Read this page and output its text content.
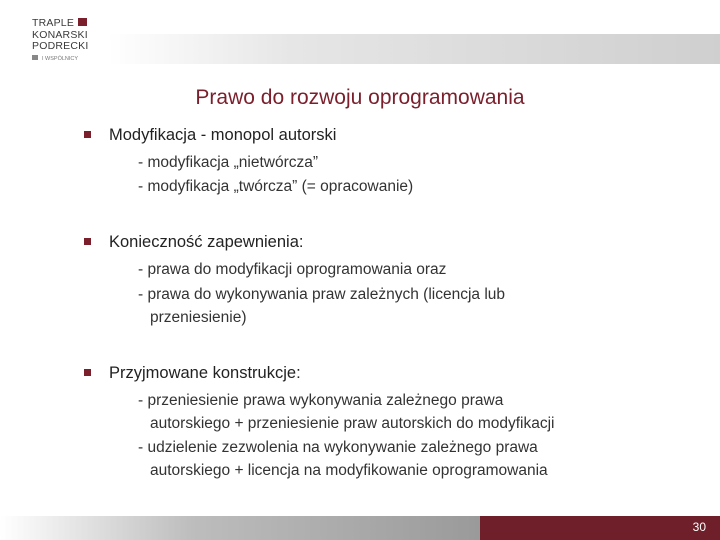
TRAPLE
KONARSKI
PODRECKI
I WSPÓLNICY
Prawo do rozwoju oprogramowania
Modyfikacja - monopol autorski
- modyfikacja „nietwórcza”
- modyfikacja „twórcza” (= opracowanie)
Konieczność zapewnienia:
- prawa do modyfikacji oprogramowania oraz
- prawa do wykonywania praw zależnych (licencja lub
przeniesienie)
Przyjmowane konstrukcje:
- przeniesienie prawa wykonywania zależnego prawa
autorskiego + przeniesienie praw autorskich do modyfikacji
- udzielenie zezwolenia na wykonywanie zależnego prawa
autorskiego + licencja na modyfikowanie oprogramowania
30
